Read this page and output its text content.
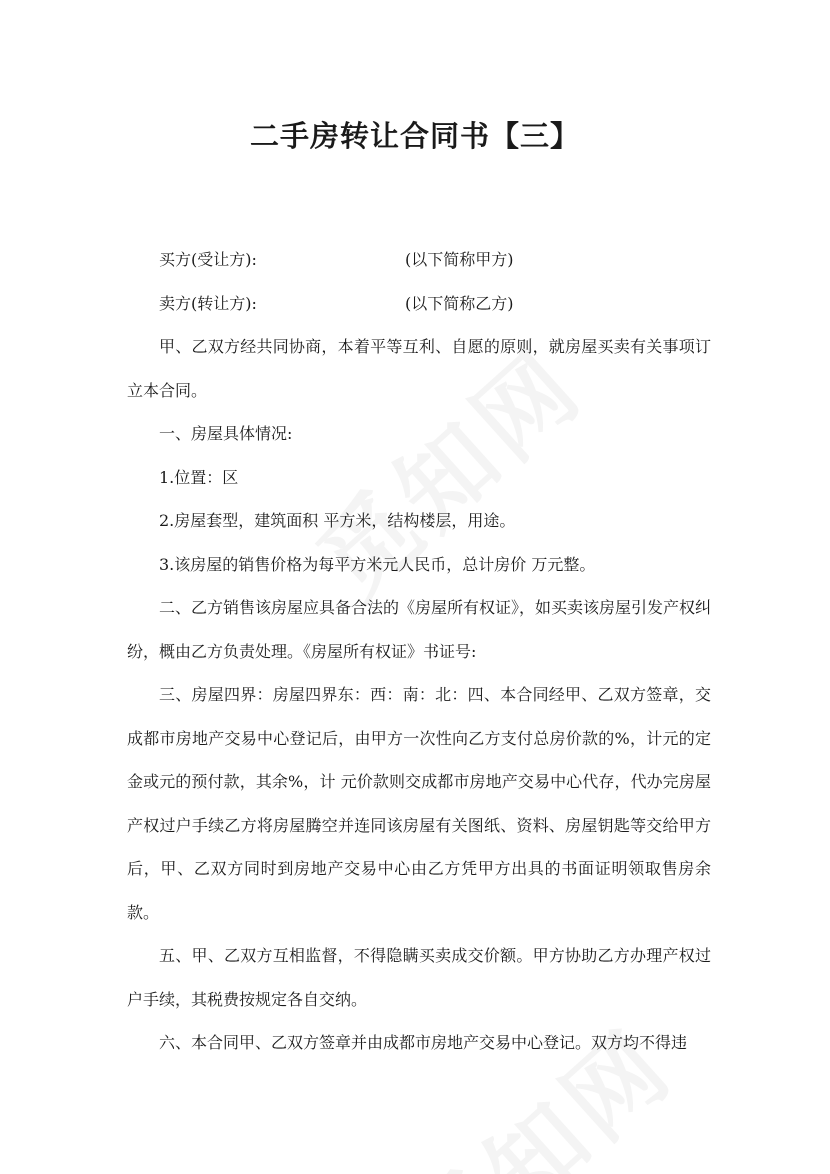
二手房转让合同书【三】

买方(受让方):	(以下简称甲方)

卖方(转让方):	(以下简称乙方)

甲、乙双方经共同协商，本着平等互利、自愿的原则，就房屋买卖有关事项订立本合同。

一、房屋具体情况:

1.位置：区

2.房屋套型，建筑面积 平方米，结构楼层，用途。

3.该房屋的销售价格为每平方米元人民币，总计房价 万元整。

二、乙方销售该房屋应具备合法的《房屋所有权证》，如买卖该房屋引发产权纠纷，概由乙方负责处理。《房屋所有权证》书证号:

三、房屋四界：房屋四界东：西：南：北：四、本合同经甲、乙双方签章，交成都市房地产交易中心登记后，由甲方一次性向乙方支付总房价款的%，计元的定金或元的预付款，其余%，计 元价款则交成都市房地产交易中心代存，代办完房屋产权过户手续乙方将房屋腾空并连同该房屋有关图纸、资料、房屋钥匙等交给甲方后，甲、乙双方同时到房地产交易中心由乙方凭甲方出具的书面证明领取售房余款。

五、甲、乙双方互相监督，不得隐瞒买卖成交价额。甲方协助乙方办理产权过户手续，其税费按规定各自交纳。

六、本合同甲、乙双方签章并由成都市房地产交易中心登记。双方均不得违
